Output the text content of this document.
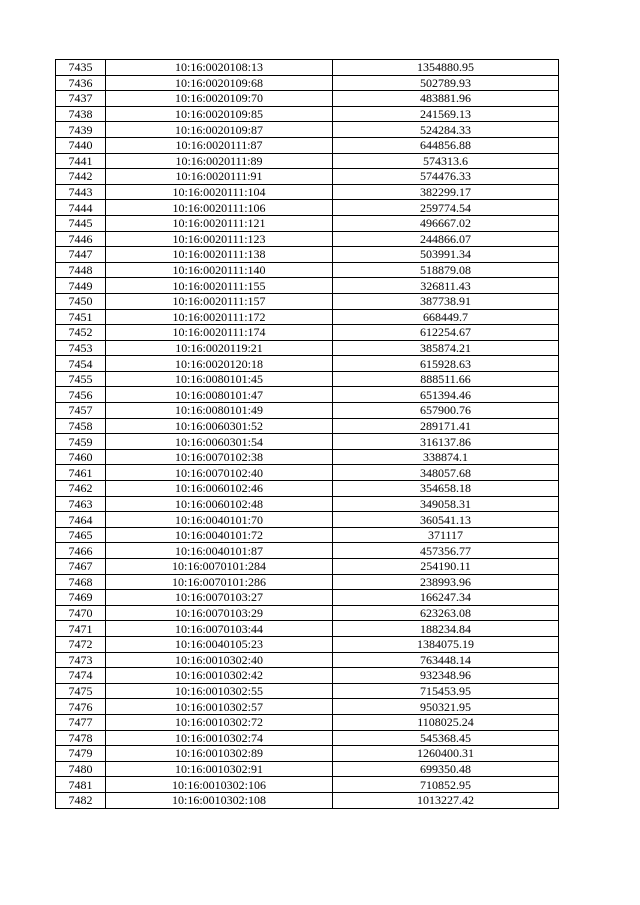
7435	10:16:0020108:13	1354880.95
7436	10:16:0020109:68	502789.93
7437	10:16:0020109:70	483881.96
7438	10:16:0020109:85	241569.13
7439	10:16:0020109:87	524284.33
7440	10:16:0020111:87	644856.88
7441	10:16:0020111:89	574313.6
7442	10:16:0020111:91	574476.33
7443	10:16:0020111:104	382299.17
7444	10:16:0020111:106	259774.54
7445	10:16:0020111:121	496667.02
7446	10:16:0020111:123	244866.07
7447	10:16:0020111:138	503991.34
7448	10:16:0020111:140	518879.08
7449	10:16:0020111:155	326811.43
7450	10:16:0020111:157	387738.91
7451	10:16:0020111:172	668449.7
7452	10:16:0020111:174	612254.67
7453	10:16:0020119:21	385874.21
7454	10:16:0020120:18	615928.63
7455	10:16:0080101:45	888511.66
7456	10:16:0080101:47	651394.46
7457	10:16:0080101:49	657900.76
7458	10:16:0060301:52	289171.41
7459	10:16:0060301:54	316137.86
7460	10:16:0070102:38	338874.1
7461	10:16:0070102:40	348057.68
7462	10:16:0060102:46	354658.18
7463	10:16:0060102:48	349058.31
7464	10:16:0040101:70	360541.13
7465	10:16:0040101:72	371117
7466	10:16:0040101:87	457356.77
7467	10:16:0070101:284	254190.11
7468	10:16:0070101:286	238993.96
7469	10:16:0070103:27	166247.34
7470	10:16:0070103:29	623263.08
7471	10:16:0070103:44	188234.84
7472	10:16:0040105:23	1384075.19
7473	10:16:0010302:40	763448.14
7474	10:16:0010302:42	932348.96
7475	10:16:0010302:55	715453.95
7476	10:16:0010302:57	950321.95
7477	10:16:0010302:72	1108025.24
7478	10:16:0010302:74	545368.45
7479	10:16:0010302:89	1260400.31
7480	10:16:0010302:91	699350.48
7481	10:16:0010302:106	710852.95
7482	10:16:0010302:108	1013227.42
